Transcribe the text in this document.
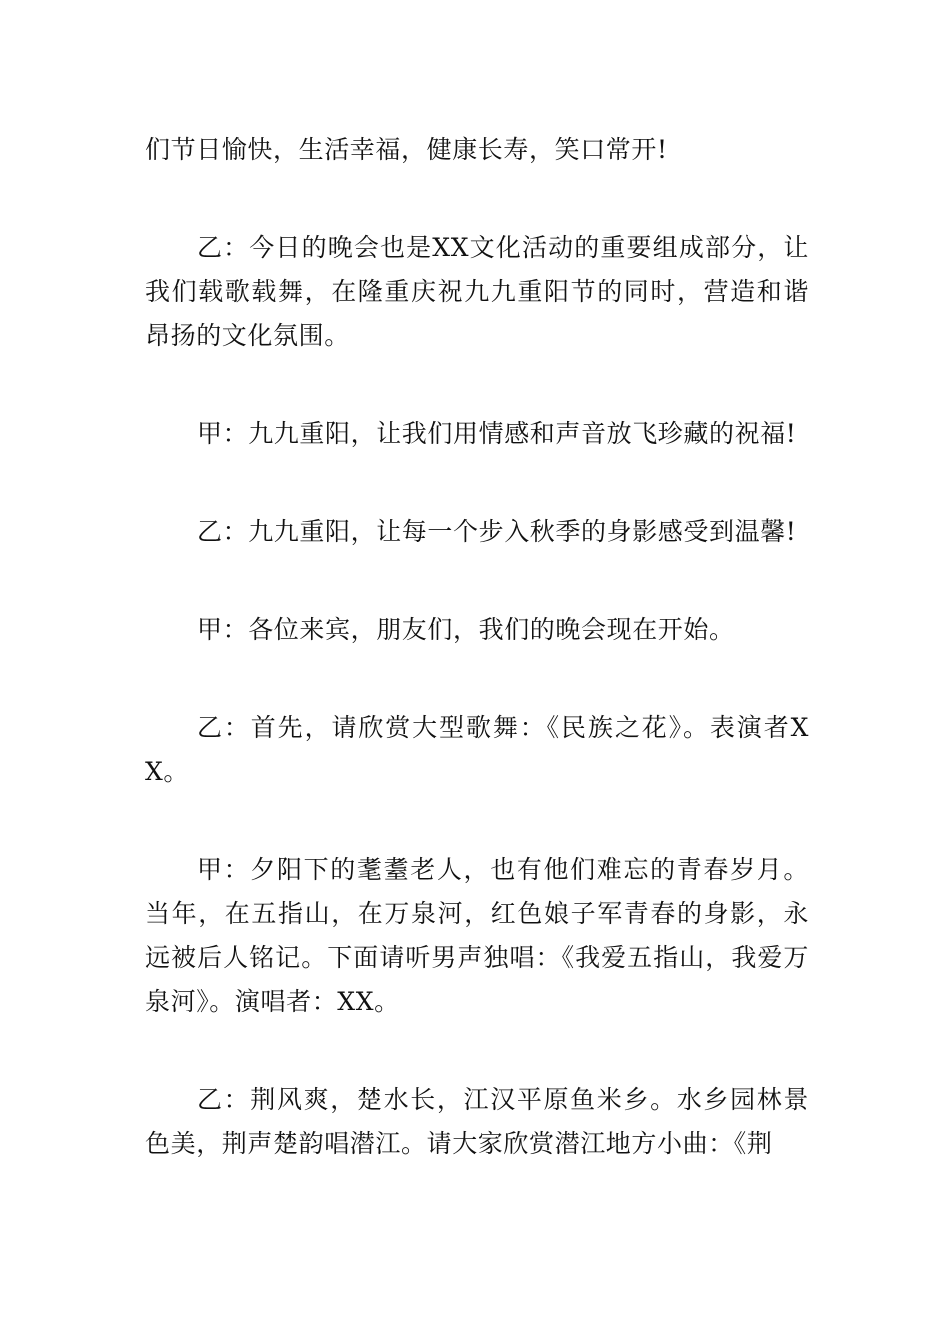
们节日愉快，生活幸福，健康长寿，笑口常开!

乙：今日的晚会也是XX文化活动的重要组成部分，让我们载歌载舞，在隆重庆祝九九重阳节的同时，营造和谐昂扬的文化氛围。

甲：九九重阳，让我们用情感和声音放飞珍藏的祝福!

乙：九九重阳，让每一个步入秋季的身影感受到温馨!

甲：各位来宾，朋友们，我们的晚会现在开始。

乙：首先，请欣赏大型歌舞：《民族之花》。表演者XX。

甲：夕阳下的耄耋老人，也有他们难忘的青春岁月。当年，在五指山，在万泉河，红色娘子军青春的身影，永远被后人铭记。下面请听男声独唱：《我爱五指山，我爱万泉河》。演唱者：XX。

乙：荆风爽，楚水长，江汉平原鱼米乡。水乡园林景色美，荆声楚韵唱潜江。请大家欣赏潜江地方小曲：《荆
